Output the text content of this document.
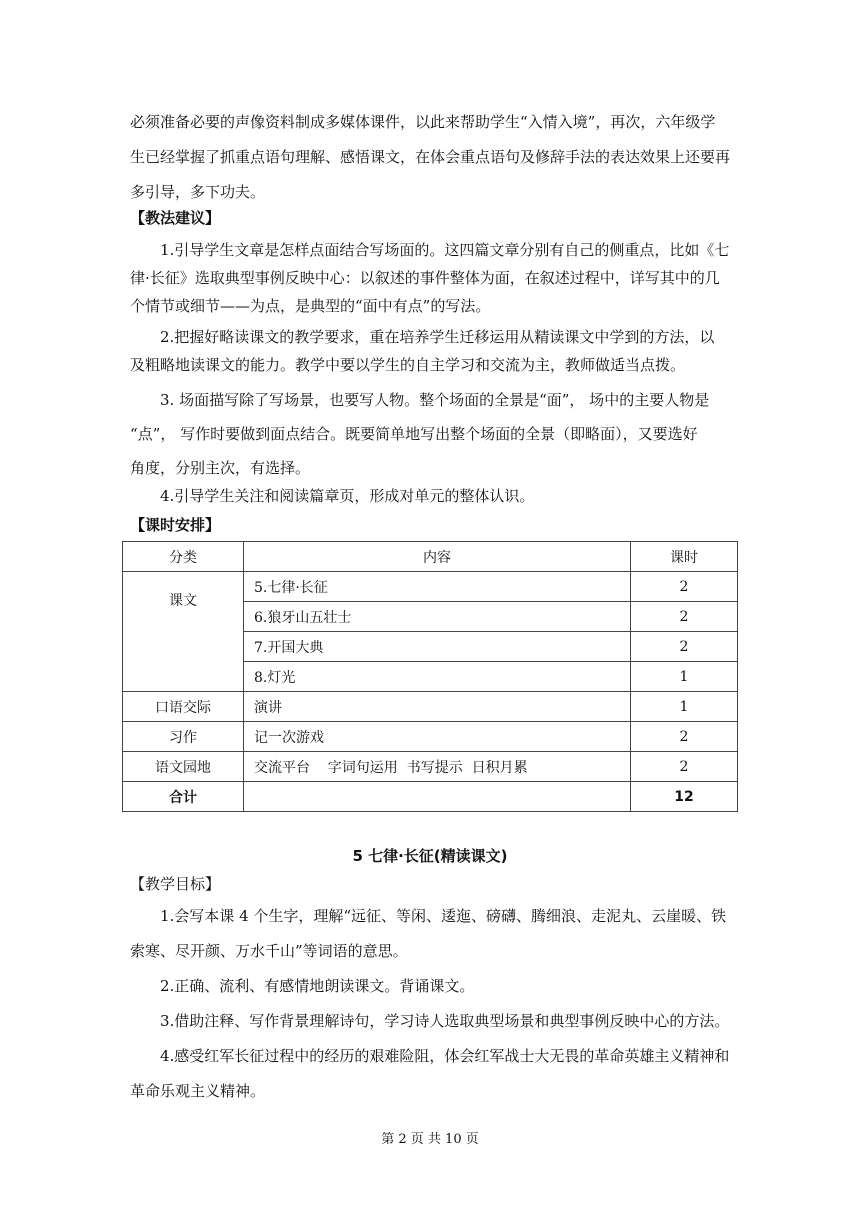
必须准备必要的声像资料制成多媒体课件，以此来帮助学生“入情入境”，再次，六年级学
生已经掌握了抓重点语句理解、感悟课文，在体会重点语句及修辞手法的表达效果上还要再
多引导，多下功夫。
【教法建议】
1.引导学生文章是怎样点面结合写场面的。这四篇文章分别有自己的侧重点，比如《七
律·长征》选取典型事例反映中心：以叙述的事件整体为面，在叙述过程中，详写其中的几
个情节或细节——为点，是典型的“面中有点”的写法。
2.把握好略读课文的教学要求，重在培养学生迁移运用从精读课文中学到的方法，以
及粗略地读课文的能力。教学中要以学生的自主学习和交流为主，教师做适当点拨。
3. 场面描写除了写场景，也要写人物。整个场面的全景是“面”， 场中的主要人物是
“点”， 写作时要做到面点结合。既要简单地写出整个场面的全景（即略面），又要选好
角度，分别主次，有选择。
4.引导学生关注和阅读篇章页，形成对单元的整体认识。
【课时安排】
分类	内容	课时
课文	5.七律·长征	2
	6.狼牙山五壮士	2
	7.开国大典	2
	8.灯光	1
口语交际	演讲	1
习作	记一次游戏	2
语文园地	交流平台    字词句运用  书写提示  日积月累	2
合计		12
5 七律·长征(精读课文)
【教学目标】
1.会写本课 4 个生字，理解“远征、等闲、逶迤、磅礴、腾细浪、走泥丸、云崖暖、铁
索寒、尽开颜、万水千山”等词语的意思。
2.正确、流利、有感情地朗读课文。背诵课文。
3.借助注释、写作背景理解诗句，学习诗人选取典型场景和典型事例反映中心的方法。
4.感受红军长征过程中的经历的艰难险阻，体会红军战士大无畏的革命英雄主义精神和
革命乐观主义精神。
第 2 页 共 10 页
